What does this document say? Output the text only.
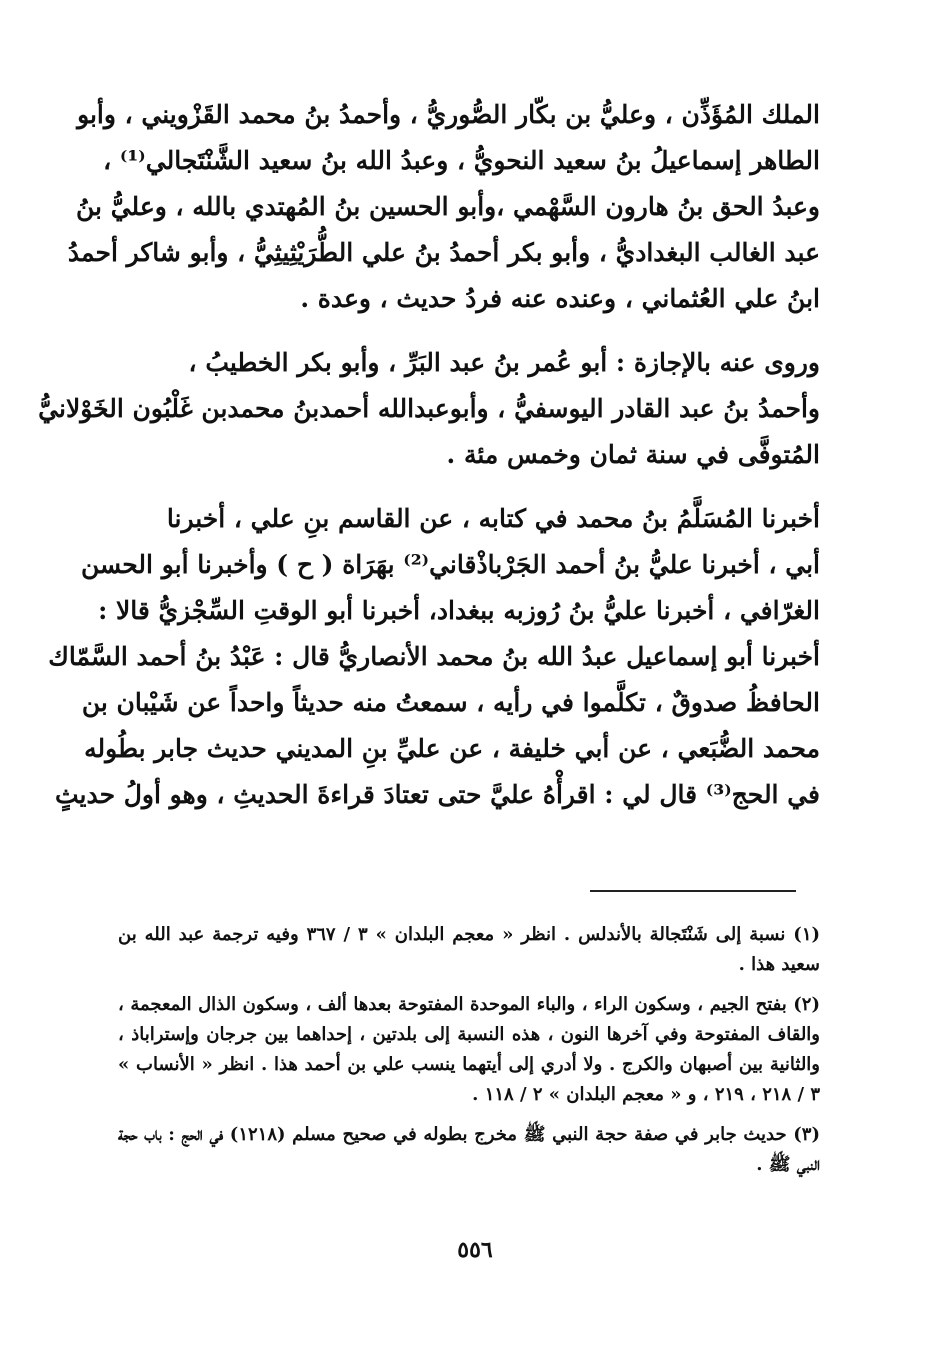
الملك المُؤَذِّن ، وعليُّ بن بكّار الصُّوريُّ ، وأحمدُ بنُ محمد القَزْويني ، وأبو
الطاهر إسماعيلُ بنُ سعيد النحويُّ ، وعبدُ الله بنُ سعيد الشَّنْتَجالي⁽¹⁾ ،
وعبدُ الحق بنُ هارون السَّهْمي ،وأبو الحسين بنُ المُهتدي بالله ، وعليُّ بنُ
عبد الغالب البغداديُّ ، وأبو بكر أحمدُ بنُ علي الطُّرَيْثِيثِيُّ ، وأبو شاكر أحمدُ
ابنُ علي العُثماني ، وعنده عنه فردُ حديث ، وعدة .
وروى عنه بالإجازة : أبو عُمر بنُ عبد البَرِّ ، وأبو بكر الخطيبُ ،
وأحمدُ بنُ عبد القادر اليوسفيُّ ، وأبوعبدالله أحمدبنُ محمدبن غَلْبُون الخَوْلانيُّ
المُتوفَّى في سنة ثمان وخمس مئة .
أخبرنا المُسَلَّمُ بنُ محمد في كتابه ، عن القاسم بنِ علي ، أخبرنا
أبي ، أخبرنا عليُّ بنُ أحمد الجَرْباذْقاني⁽²⁾ بهَرَاة ( ح ) وأخبرنا أبو الحسن
الغرّافي ، أخبرنا عليُّ بنُ رُوزبه ببغداد، أخبرنا أبو الوقتِ السِّجْزيُّ قالا :
أخبرنا أبو إسماعيل عبدُ الله بنُ محمد الأنصاريُّ قال : عَبْدُ بنُ أحمد السَّمّاك
الحافظُ صدوقٌ ، تكلَّموا في رأيه ، سمعتُ منه حديثاً واحداً عن شَيْبان بن
محمد الضُّبَعي ، عن أبي خليفة ، عن عليِّ بنِ المديني حديث جابر بطُوله
في الحج⁽³⁾ قال لي : اقرأْهُ عليَّ حتى تعتادَ قراءةَ الحديثِ ، وهو أولُ حديثٍ

(١) نسبة إلى شَنْتَجالة بالأندلس . انظر « معجم البلدان » ٣ / ٣٦٧ وفيه ترجمة عبد الله بن سعيد هذا .

(٢) بفتح الجيم ، وسكون الراء ، والباء الموحدة المفتوحة بعدها ألف ، وسكون الذال المعجمة ، والقاف المفتوحة وفي آخرها النون ، هذه النسبة إلى بلدتين ، إحداهما بين جرجان وإستراباذ ، والثانية بين أصبهان والكرج . ولا أدري إلى أيتهما ينسب علي بن أحمد هذا . انظر « الأنساب » ٣ / ٢١٨ ، ٢١٩ ، و « معجم البلدان » ٢ / ١١٨ .

(٣) حديث جابر في صفة حجة النبي ﷺ مخرج بطوله في صحيح مسلم (١٢١٨) في الحج : باب حجة النبي ﷺ .

٥٥٦
